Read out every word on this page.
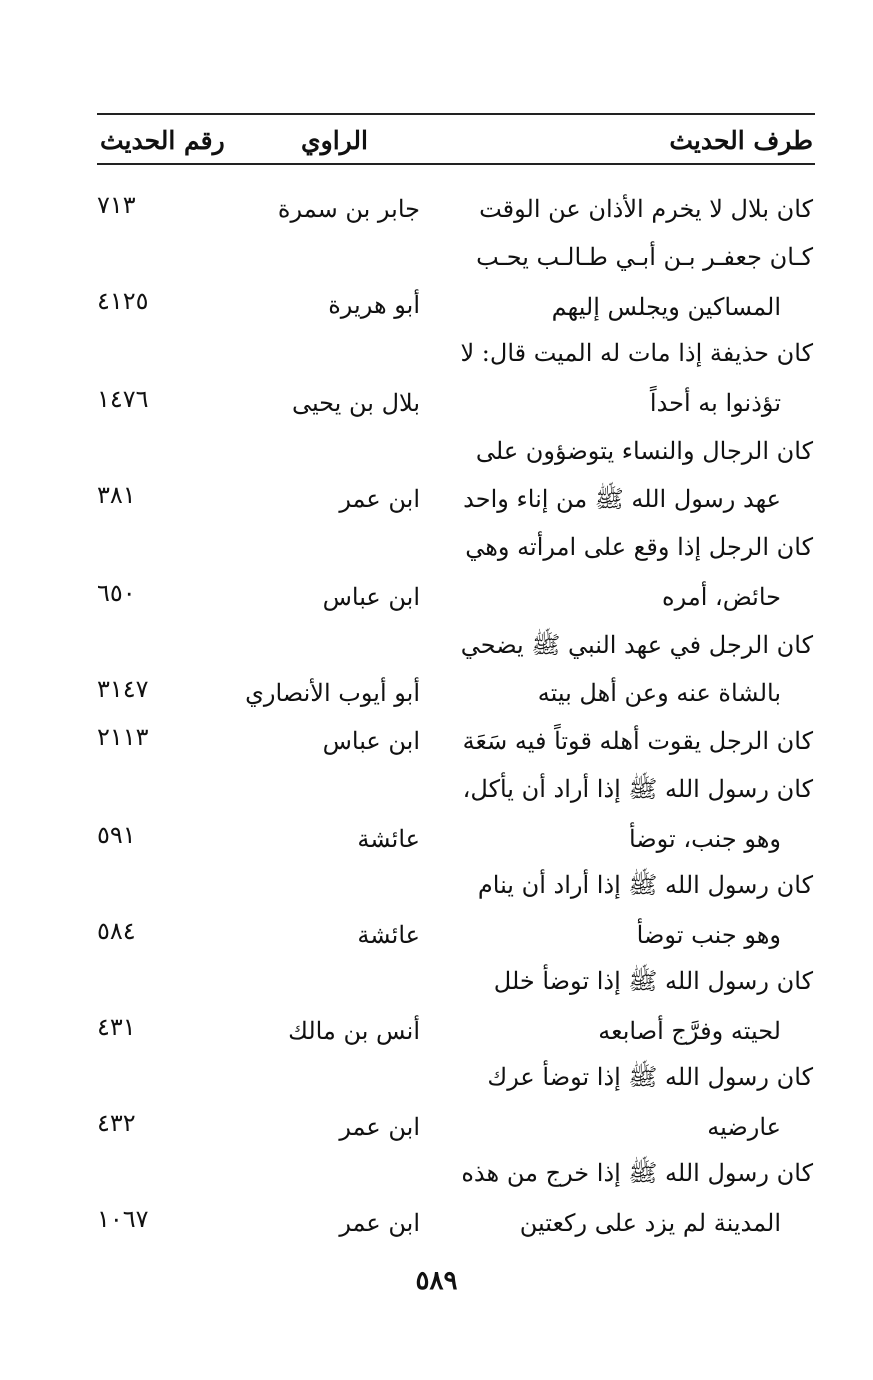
طرف الحديث
الراوي
رقم الحديث
كان بلال لا يخرم الأذان عن الوقت
جابر بن سمرة
٧١٣
كـان جعفـر بـن أبـي طـالـب يحـب
المساكين ويجلس إليهم
أبو هريرة
٤١٢٥
كان حذيفة إذا مات له الميت قال: لا
تؤذنوا به أحداً
بلال بن يحيى
١٤٧٦
كان الرجال والنساء يتوضؤون على
عهد رسول الله ﷺ من إناء واحد
ابن عمر
٣٨١
كان الرجل إذا وقع على امرأته وهي
حائض، أمره
ابن عباس
٦٥٠
كان الرجل في عهد النبي ﷺ يضحي
بالشاة عنه وعن أهل بيته
أبو أيوب الأنصاري
٣١٤٧
كان الرجل يقوت أهله قوتاً فيه سَعَة
ابن عباس
٢١١٣
كان رسول الله ﷺ إذا أراد أن يأكل،
وهو جنب، توضأ
عائشة
٥٩١
كان رسول الله ﷺ إذا أراد أن ينام
وهو جنب توضأ
عائشة
٥٨٤
كان رسول الله ﷺ إذا توضأ خلل
لحيته وفرَّج أصابعه
أنس بن مالك
٤٣١
كان رسول الله ﷺ إذا توضأ عرك
عارضيه
ابن عمر
٤٣٢
كان رسول الله ﷺ إذا خرج من هذه
المدينة لم يزد على ركعتين
ابن عمر
١٠٦٧
٥٨٩
